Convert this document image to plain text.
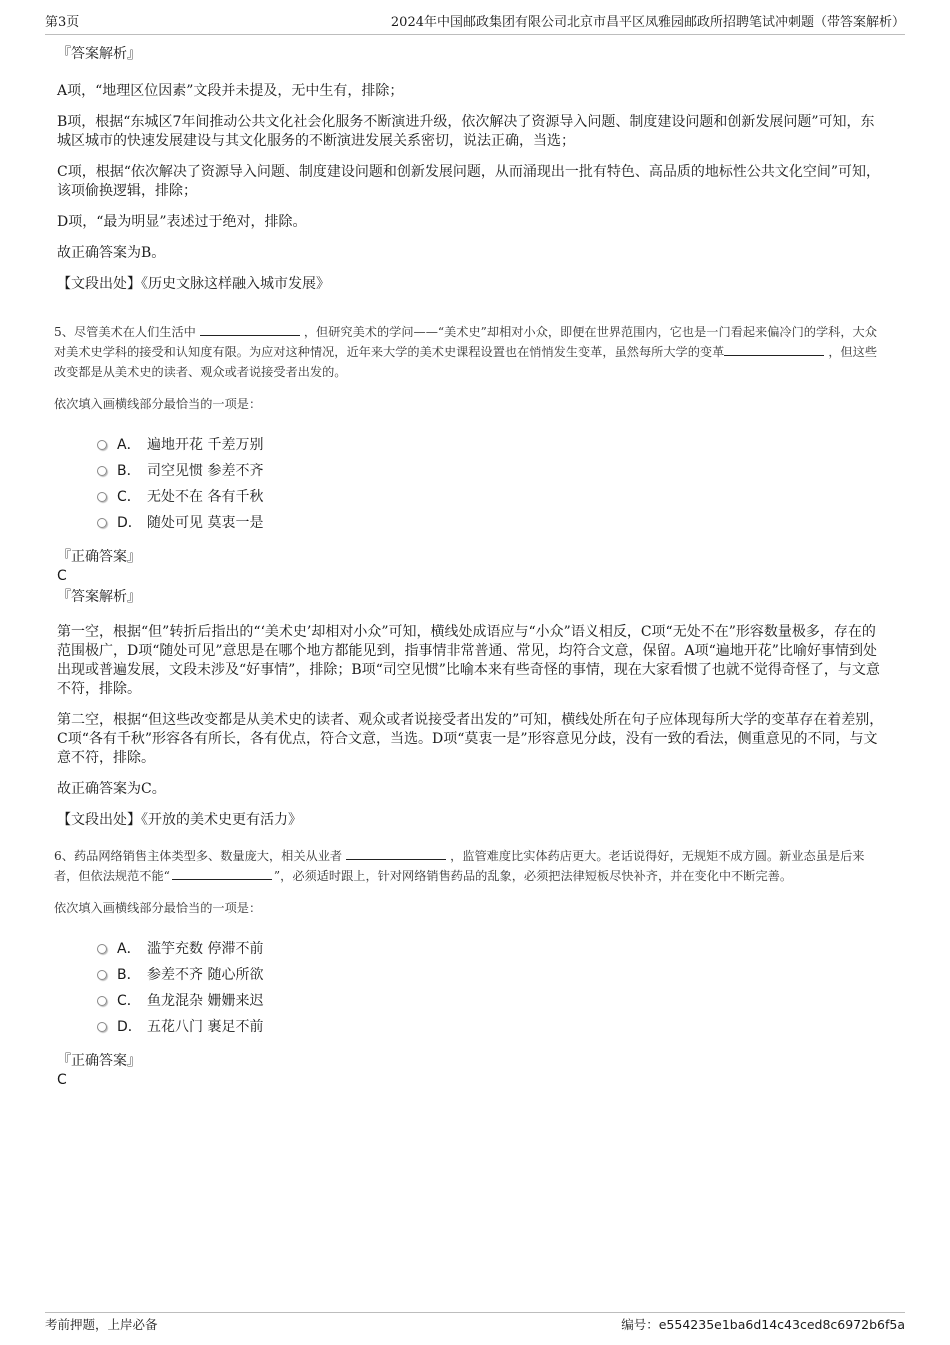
第3页	2024年中国邮政集团有限公司北京市昌平区凤雅园邮政所招聘笔试冲刺题（带答案解析）

『答案解析』

A项，“地理区位因素”文段并未提及，无中生有，排除；

B项，根据“东城区7年间推动公共文化社会化服务不断演进升级，依次解决了资源导入问题、制度建设问题和创新发展问题”可知，东城区城市的快速发展建设与其文化服务的不断演进发展关系密切，说法正确，当选；

C项，根据“依次解决了资源导入问题、制度建设问题和创新发展问题，从而涌现出一批有特色、高品质的地标性公共文化空间”可知，该项偷换逻辑，排除；

D项，“最为明显”表述过于绝对，排除。

故正确答案为B。

【文段出处】《历史文脉这样融入城市发展》

5、尽管美术在人们生活中	，但研究美术的学问——“美术史”却相对小众，即便在世界范围内，它也是一门看起来偏冷门的学科，大众对美术史学科的接受和认知度有限。为应对这种情况，近年来大学的美术史课程设置也在悄悄发生变革，虽然每所大学的变革	，但这些改变都是从美术史的读者、观众或者说接受者出发的。

依次填入画横线部分最恰当的一项是：

A． 遍地开花 千差万别
B． 司空见惯 参差不齐
C． 无处不在 各有千秋
D． 随处可见 莫衷一是

『正确答案』

C

『答案解析』

第一空，根据“但”转折后指出的“‘美术史’却相对小众”可知，横线处成语应与“小众”语义相反，C项“无处不在”形容数量极多，存在的范围极广，D项“随处可见”意思是在哪个地方都能见到，指事情非常普通、常见，均符合文意，保留。A项“遍地开花”比喻好事情到处出现或普遍发展，文段未涉及“好事情”，排除；B项“司空见惯”比喻本来有些奇怪的事情，现在大家看惯了也就不觉得奇怪了，与文意不符，排除。

第二空，根据“但这些改变都是从美术史的读者、观众或者说接受者出发的”可知，横线处所在句子应体现每所大学的变革存在着差别，C项“各有千秋”形容各有所长，各有优点，符合文意，当选。D项“莫衷一是”形容意见分歧，没有一致的看法，侧重意见的不同，与文意不符，排除。

故正确答案为C。

【文段出处】《开放的美术史更有活力》

6、药品网络销售主体类型多、数量庞大，相关从业者	，监管难度比实体药店更大。老话说得好，无规矩不成方圆。新业态虽是后来者，但依法规范不能“	”，必须适时跟上，针对网络销售药品的乱象，必须把法律短板尽快补齐，并在变化中不断完善。

依次填入画横线部分最恰当的一项是：

A． 滥竽充数 停滞不前
B． 参差不齐 随心所欲
C． 鱼龙混杂 姗姗来迟
D． 五花八门 裹足不前

『正确答案』

C

考前押题，上岸必备	编号：e554235e1ba6d14c43ced8c6972b6f5a
